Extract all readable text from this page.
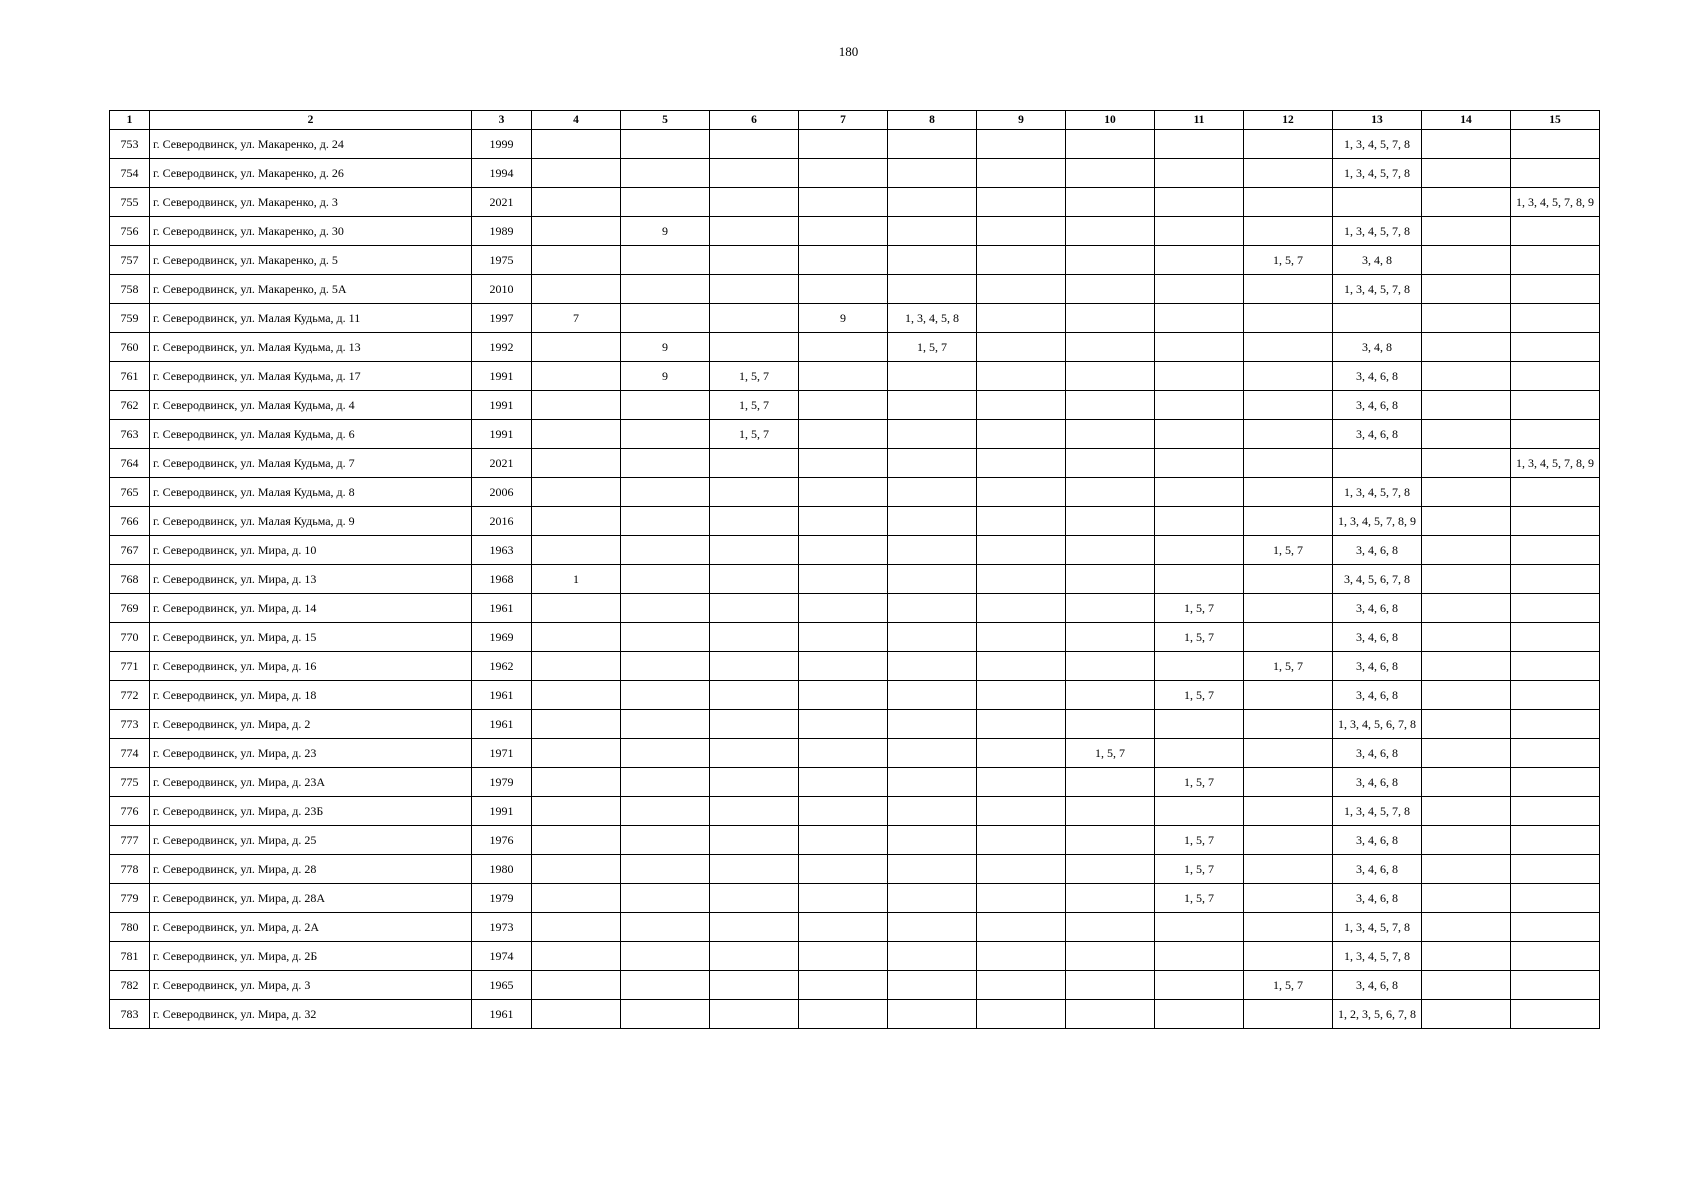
180
1	2	3	4	5	6	7	8	9	10	11	12	13	14	15
753	г. Северодвинск, ул. Макаренко, д. 24	1999										1, 3, 4, 5, 7, 8		
754	г. Северодвинск, ул. Макаренко, д. 26	1994										1, 3, 4, 5, 7, 8		
755	г. Северодвинск, ул. Макаренко, д. 3	2021												1, 3, 4, 5, 7, 8, 9
756	г. Северодвинск, ул. Макаренко, д. 30	1989		9								1, 3, 4, 5, 7, 8		
757	г. Северодвинск, ул. Макаренко, д. 5	1975									1, 5, 7	3, 4, 8		
758	г. Северодвинск, ул. Макаренко, д. 5А	2010										1, 3, 4, 5, 7, 8		
759	г. Северодвинск, ул. Малая Кудьма, д. 11	1997	7			9	1, 3, 4, 5, 8							
760	г. Северодвинск, ул. Малая Кудьма, д. 13	1992		9			1, 5, 7					3, 4, 8		
761	г. Северодвинск, ул. Малая Кудьма, д. 17	1991		9	1, 5, 7							3, 4, 6, 8		
762	г. Северодвинск, ул. Малая Кудьма, д. 4	1991			1, 5, 7							3, 4, 6, 8		
763	г. Северодвинск, ул. Малая Кудьма, д. 6	1991			1, 5, 7							3, 4, 6, 8		
764	г. Северодвинск, ул. Малая Кудьма, д. 7	2021												1, 3, 4, 5, 7, 8, 9
765	г. Северодвинск, ул. Малая Кудьма, д. 8	2006										1, 3, 4, 5, 7, 8		
766	г. Северодвинск, ул. Малая Кудьма, д. 9	2016										1, 3, 4, 5, 7, 8, 9		
767	г. Северодвинск, ул. Мира, д. 10	1963									1, 5, 7	3, 4, 6, 8		
768	г. Северодвинск, ул. Мира, д. 13	1968	1									3, 4, 5, 6, 7, 8		
769	г. Северодвинск, ул. Мира, д. 14	1961								1, 5, 7		3, 4, 6, 8		
770	г. Северодвинск, ул. Мира, д. 15	1969								1, 5, 7		3, 4, 6, 8		
771	г. Северодвинск, ул. Мира, д. 16	1962									1, 5, 7	3, 4, 6, 8		
772	г. Северодвинск, ул. Мира, д. 18	1961								1, 5, 7		3, 4, 6, 8		
773	г. Северодвинск, ул. Мира, д. 2	1961										1, 3, 4, 5, 6, 7, 8		
774	г. Северодвинск, ул. Мира, д. 23	1971							1, 5, 7			3, 4, 6, 8		
775	г. Северодвинск, ул. Мира, д. 23А	1979								1, 5, 7		3, 4, 6, 8		
776	г. Северодвинск, ул. Мира, д. 23Б	1991										1, 3, 4, 5, 7, 8		
777	г. Северодвинск, ул. Мира, д. 25	1976								1, 5, 7		3, 4, 6, 8		
778	г. Северодвинск, ул. Мира, д. 28	1980								1, 5, 7		3, 4, 6, 8		
779	г. Северодвинск, ул. Мира, д. 28А	1979								1, 5, 7		3, 4, 6, 8		
780	г. Северодвинск, ул. Мира, д. 2А	1973										1, 3, 4, 5, 7, 8		
781	г. Северодвинск, ул. Мира, д. 2Б	1974										1, 3, 4, 5, 7, 8		
782	г. Северодвинск, ул. Мира, д. 3	1965									1, 5, 7	3, 4, 6, 8		
783	г. Северодвинск, ул. Мира, д. 32	1961										1, 2, 3, 5, 6, 7, 8		
